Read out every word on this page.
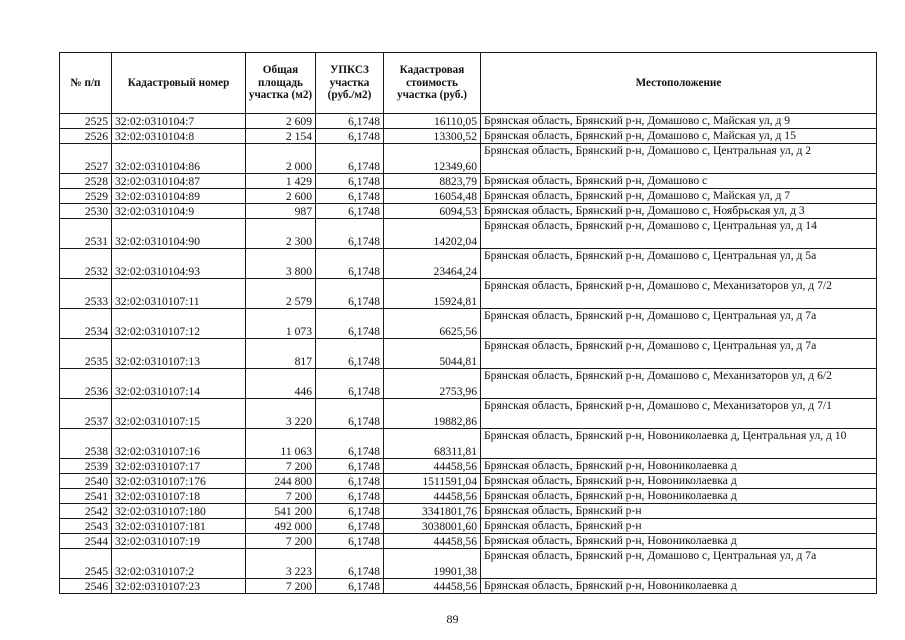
№ п/п	Кадастровый номер	Общая площадь участка (м2)	УПКСЗ участка (руб./м2)	Кадастровая стоимость участка (руб.)	Местоположение
2525	32:02:0310104:7	2 609	6,1748	16110,05	Брянская область, Брянский р-н, Домашово с, Майская ул, д 9
2526	32:02:0310104:8	2 154	6,1748	13300,52	Брянская область, Брянский р-н, Домашово с, Майская ул, д 15
2527	32:02:0310104:86	2 000	6,1748	12349,60	Брянская область, Брянский р-н, Домашово с, Центральная ул, д 2
2528	32:02:0310104:87	1 429	6,1748	8823,79	Брянская область, Брянский р-н, Домашово с
2529	32:02:0310104:89	2 600	6,1748	16054,48	Брянская область, Брянский р-н, Домашово с, Майская ул, д 7
2530	32:02:0310104:9	987	6,1748	6094,53	Брянская область, Брянский р-н, Домашово с, Ноябрьская ул, д 3
2531	32:02:0310104:90	2 300	6,1748	14202,04	Брянская область, Брянский р-н, Домашово с, Центральная ул, д 14
2532	32:02:0310104:93	3 800	6,1748	23464,24	Брянская область, Брянский р-н, Домашово с, Центральная ул, д 5а
2533	32:02:0310107:11	2 579	6,1748	15924,81	Брянская область, Брянский р-н, Домашово с, Механизаторов ул, д 7/2
2534	32:02:0310107:12	1 073	6,1748	6625,56	Брянская область, Брянский р-н, Домашово с, Центральная ул, д 7а
2535	32:02:0310107:13	817	6,1748	5044,81	Брянская область, Брянский р-н, Домашово с, Центральная ул, д 7а
2536	32:02:0310107:14	446	6,1748	2753,96	Брянская область, Брянский р-н, Домашово с, Механизаторов ул, д 6/2
2537	32:02:0310107:15	3 220	6,1748	19882,86	Брянская область, Брянский р-н, Домашово с, Механизаторов ул, д 7/1
2538	32:02:0310107:16	11 063	6,1748	68311,81	Брянская область, Брянский р-н, Новониколаевка д, Центральная ул, д 10
2539	32:02:0310107:17	7 200	6,1748	44458,56	Брянская область, Брянский р-н, Новониколаевка д
2540	32:02:0310107:176	244 800	6,1748	1511591,04	Брянская область, Брянский р-н, Новониколаевка д
2541	32:02:0310107:18	7 200	6,1748	44458,56	Брянская область, Брянский р-н, Новониколаевка д
2542	32:02:0310107:180	541 200	6,1748	3341801,76	Брянская область, Брянский р-н
2543	32:02:0310107:181	492 000	6,1748	3038001,60	Брянская область, Брянский р-н
2544	32:02:0310107:19	7 200	6,1748	44458,56	Брянская область, Брянский р-н, Новониколаевка д
2545	32:02:0310107:2	3 223	6,1748	19901,38	Брянская область, Брянский р-н, Домашово с, Центральная ул, д 7а
2546	32:02:0310107:23	7 200	6,1748	44458,56	Брянская область, Брянский р-н, Новониколаевка д
89
